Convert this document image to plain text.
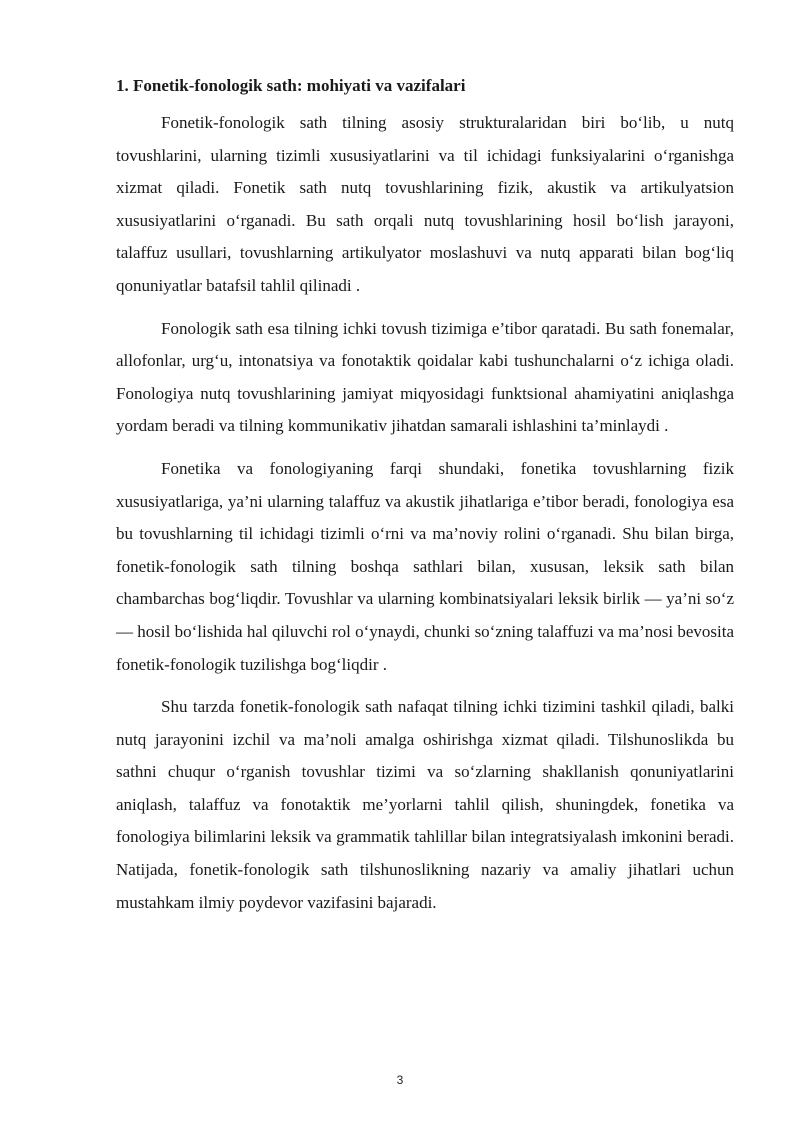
1. Fonetik-fonologik sath: mohiyati va vazifalari

Fonetik-fonologik sath tilning asosiy strukturalaridan biri bo‘lib, u nutq tovushlarini, ularning tizimli xususiyatlarini va til ichidagi funksiyalarini o‘rganishga xizmat qiladi. Fonetik sath nutq tovushlarining fizik, akustik va artikulyatsion xususiyatlarini o‘rganadi. Bu sath orqali nutq tovushlarining hosil bo‘lish jarayoni, talaffuz usullari, tovushlarning artikulyator moslashuvi va nutq apparati bilan bog‘liq qonuniyatlar batafsil tahlil qilinadi .

Fonologik sath esa tilning ichki tovush tizimiga e’tibor qaratadi. Bu sath fonemalar, allofonlar, urg‘u, intonatsiya va fonotaktik qoidalar kabi tushunchalarni o‘z ichiga oladi. Fonologiya nutq tovushlarining jamiyat miqyosidagi funktsional ahamiyatini aniqlashga yordam beradi va tilning kommunikativ jihatdan samarali ishlashini ta’minlaydi .

Fonetika va fonologiyaning farqi shundaki, fonetika tovushlarning fizik xususiyatlariga, ya’ni ularning talaffuz va akustik jihatlariga e’tibor beradi, fonologiya esa bu tovushlarning til ichidagi tizimli o‘rni va ma’noviy rolini o‘rganadi. Shu bilan birga, fonetik-fonologik sath tilning boshqa sathlari bilan, xususan, leksik sath bilan chambarchas bog‘liqdir. Tovushlar va ularning kombinatsiyalari leksik birlik — ya’ni so‘z — hosil bo‘lishida hal qiluvchi rol o‘ynaydi, chunki so‘zning talaffuzi va ma’nosi bevosita fonetik-fonologik tuzilishga bog‘liqdir .

Shu tarzda fonetik-fonologik sath nafaqat tilning ichki tizimini tashkil qiladi, balki nutq jarayonini izchil va ma’noli amalga oshirishga xizmat qiladi. Tilshunoslikda bu sathni chuqur o‘rganish tovushlar tizimi va so‘zlarning shakllanish qonuniyatlarini aniqlash, talaffuz va fonotaktik me’yorlarni tahlil qilish, shuningdek, fonetika va fonologiya bilimlarini leksik va grammatik tahlillar bilan integratsiyalash imkonini beradi. Natijada, fonetik-fonologik sath tilshunoslikning nazariy va amaliy jihatlari uchun mustahkam ilmiy poydevor vazifasini bajaradi.

3
